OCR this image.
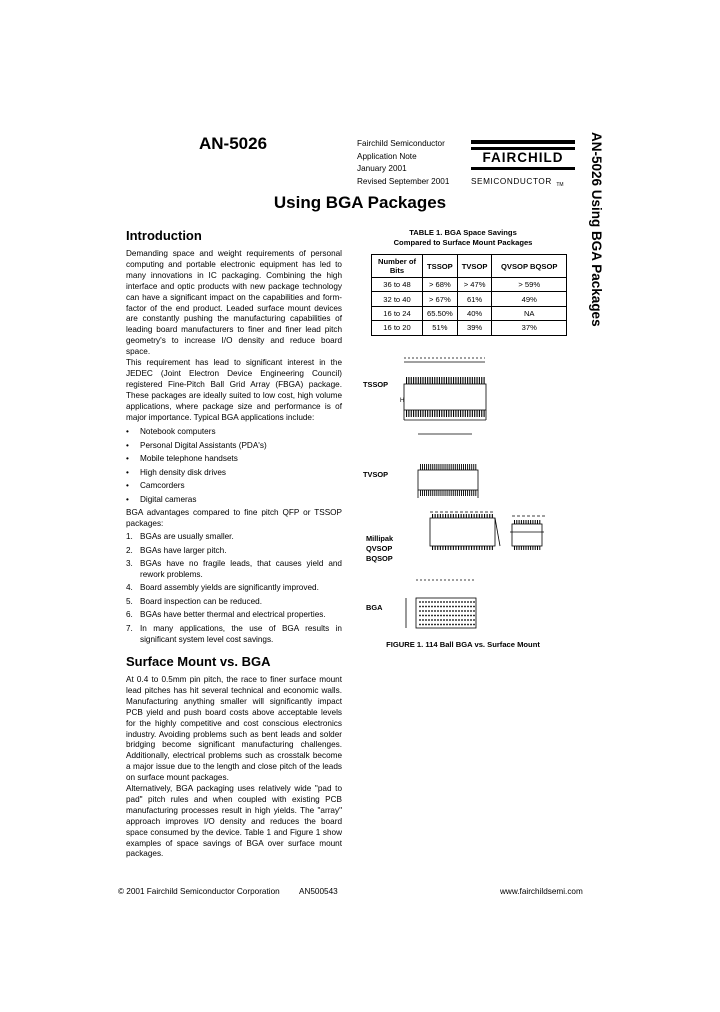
AN-5026	Fairchild Semiconductor
Application Note
January 2001
Revised September 2001
FAIRCHILD
SEMICONDUCTOR TM AN-5026 Using BGA Packages
Using BGA Packages
Introduction

Demanding space and weight requirements of personal computing and portable electronic equipment has led to many innovations in IC packaging. Combining the high interface and optic products with new package technology can have a significant impact on the capabilities and form-factor of the end product. Leaded surface mount devices are constantly pushing the manufacturing capabilities of leading board manufacturers to finer and finer lead pitch geometry's to increase I/O density and reduce board space.

This requirement has lead to significant interest in the JEDEC (Joint Electron Device Engineering Council) registered Fine-Pitch Ball Grid Array (FBGA) package. These packages are ideally suited to low cost, high volume applications, where package size and performance is of major importance. Typical BGA applications include:

• Notebook computers
• Personal Digital Assistants (PDA's)
• Mobile telephone handsets
• High density disk drives
• Camcorders
• Digital cameras

BGA advantages compared to fine pitch QFP or TSSOP packages:

1. BGAs are usually smaller.
2. BGAs have larger pitch.
3. BGAs have no fragile leads, that causes yield and rework problems.
4. Board assembly yields are significantly improved.
5. Board inspection can be reduced.
6. BGAs have better thermal and electrical properties.
7. In many applications, the use of BGA results in significant system level cost savings.
Surface Mount vs. BGA

At 0.4 to 0.5mm pin pitch, the race to finer surface mount lead pitches has hit several technical and economic walls. Manufacturing anything smaller will significantly impact PCB yield and push board costs above acceptable levels for the highly competitive and cost conscious electronics industry. Avoiding problems such as bent leads and solder bridging become significant manufacturing challenges. Additionally, electrical problems such as crosstalk become a major issue due to the length and close pitch of the leads on surface mount packages.

Alternatively, BGA packaging uses relatively wide "pad to pad" pitch rules and when coupled with existing PCB manufacturing processes result in high yields. The "array" approach improves I/O density and reduces the board space consumed by the device. Table 1 and Figure 1 show examples of space savings of BGA over surface mount packages.

TABLE 1. BGA Space Savings
Compared to Surface Mount Packages
Number of Bits	TSSOP	TVSOP	QVSOP BQSOP
36 to 48	> 68%	> 47%	> 59%
32 to 40	> 67%	61%	49%
16 to 24	65.50%	40%	NA
16 to 20	51%	39%	37%
TSSOP
TVSOP
Millipak
QVSOP
BQSOP
BGA
H
FIGURE 1. 114 Ball BGA vs. Surface Mount
© 2001 Fairchild Semiconductor Corporation AN500543	www.fairchildsemi.com
